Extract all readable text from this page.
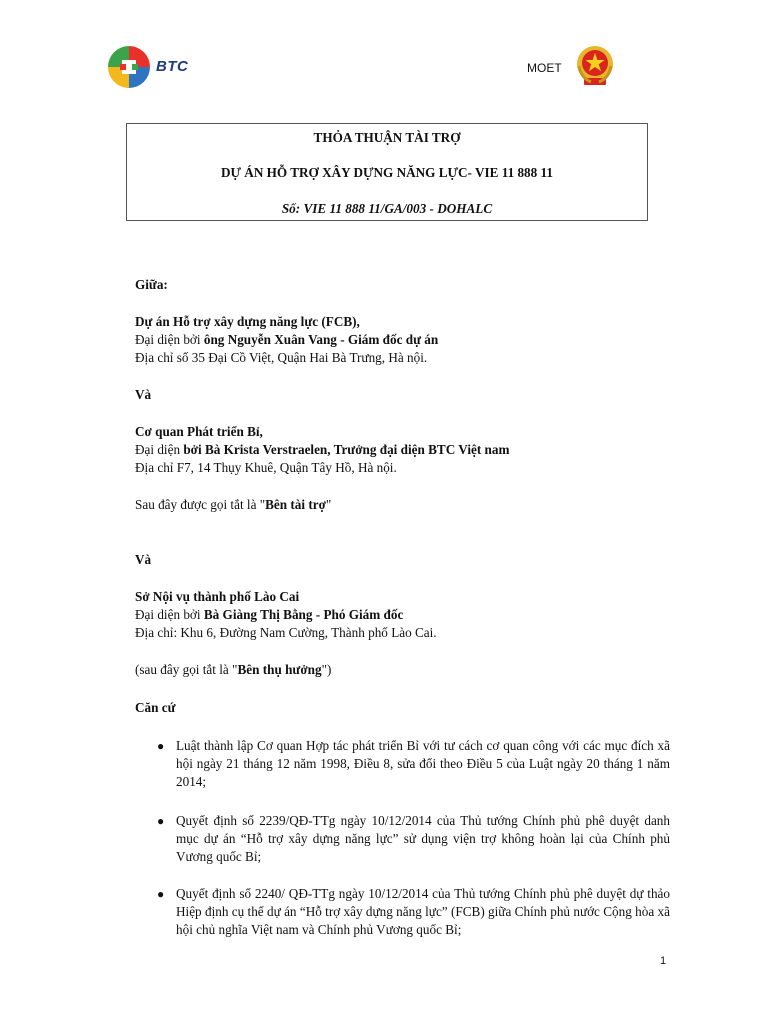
BTC	MOET
THỎA THUẬN TÀI TRỢ
DỰ ÁN HỖ TRỢ XÂY DỰNG NĂNG LỰC- VIE 11 888 11
Số: VIE 11 888 11/GA/003 - DOHALC
Giữa:
Dự án Hỗ trợ xây dựng năng lực (FCB),
Đại diện bởi ông Nguyễn Xuân Vang - Giám đốc dự án
Địa chỉ số 35 Đại Cồ Việt, Quận Hai Bà Trưng, Hà nội.
Và
Cơ quan Phát triển Bỉ,
Đại diện bởi Bà Krista Verstraelen, Trưởng đại diện BTC Việt nam
Địa chỉ F7, 14 Thụy Khuê, Quận Tây Hồ, Hà nội.
Sau đây được gọi tắt là "Bên tài trợ"
Và
Sở Nội vụ thành phố Lào Cai
Đại diện bởi Bà Giàng Thị Bằng - Phó Giám đốc
Địa chỉ: Khu 6, Đường Nam Cường, Thành phố Lào Cai.
(sau đây gọi tắt là "Bên thụ hưởng")
Căn cứ
● Luật thành lập Cơ quan Hợp tác phát triển Bỉ với tư cách cơ quan công với các mục đích xã hội ngày 21 tháng 12 năm 1998, Điều 8, sửa đổi theo Điều 5 của Luật ngày 20 tháng 1 năm 2014;
● Quyết định số 2239/QĐ-TTg ngày 10/12/2014 của Thủ tướng Chính phủ phê duyệt danh mục dự án “Hỗ trợ xây dựng năng lực” sử dụng viện trợ không hoàn lại của Chính phủ Vương quốc Bỉ;
● Quyết định số 2240/ QĐ-TTg ngày 10/12/2014 của Thủ tướng Chính phủ phê duyệt dự thảo Hiệp định cụ thể dự án “Hỗ trợ xây dựng năng lực” (FCB) giữa Chính phủ nước Cộng hòa xã hội chủ nghĩa Việt nam và Chính phủ Vương quốc Bỉ;
1
